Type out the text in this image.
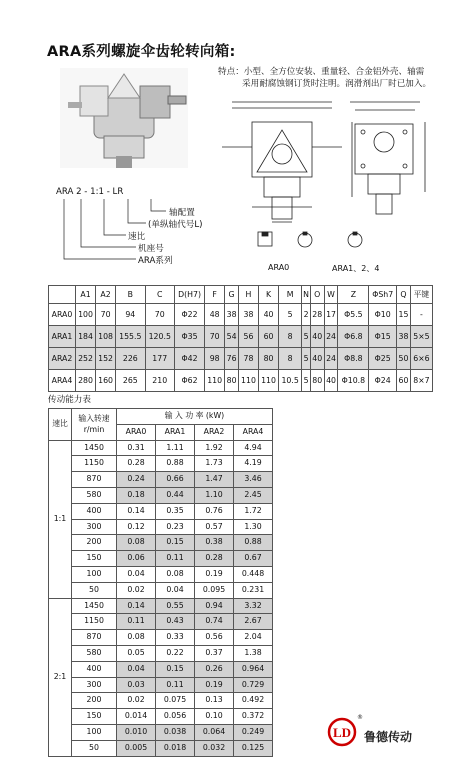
ARA系列螺旋伞齿轮转向箱:
特点：小型、全方位安装、重量轻、合金铝外壳、轴需
采用耐腐蚀钢订货时注明。润滑剂出厂时已加入。
ARA0	ARA1、2、4
ARA 2 - 1:1 - LR
轴配置
(单纵轴代号L)
速比
机座号
ARA系列
	A1	A2	B	C	D(H7)	F	G	H	K	M	N	O	W	Z	ΦSh7	Q	平键
ARA0	100	70	94	70	Φ22	48	38	38	40	5	2	28	17	Φ5.5	Φ10	15	-
ARA1	184	108	155.5	120.5	Φ35	70	54	56	60	8	5	40	24	Φ6.8	Φ15	38	5×5
ARA2	252	152	226	177	Φ42	98	76	78	80	8	5	40	24	Φ8.8	Φ25	50	6×6
ARA4	280	160	265	210	Φ62	110	80	110	110	10.5	5	80	40	Φ10.8	Φ24	60	8×7
传动能力表
速比	输入转速
r/min	输 入 功 率 (kW)			
		ARA0	ARA1	ARA2	ARA4
1:1	1450	0.31	1.11	1.92	4.94
	1150	0.28	0.88	1.73	4.19
	870	0.24	0.66	1.47	3.46
	580	0.18	0.44	1.10	2.45
	400	0.14	0.35	0.76	1.72
	300	0.12	0.23	0.57	1.30
	200	0.08	0.15	0.38	0.88
	150	0.06	0.11	0.28	0.67
	100	0.04	0.08	0.19	0.448
	50	0.02	0.04	0.095	0.231
2:1	1450	0.14	0.55	0.94	3.32
	1150	0.11	0.43	0.74	2.67
	870	0.08	0.33	0.56	2.04
	580	0.05	0.22	0.37	1.38
	400	0.04	0.15	0.26	0.964
	300	0.03	0.11	0.19	0.729
	200	0.02	0.075	0.13	0.492
	150	0.014	0.056	0.10	0.372
	100	0.010	0.038	0.064	0.249
	50	0.005	0.018	0.032	0.125
LD
®
鲁德传动
